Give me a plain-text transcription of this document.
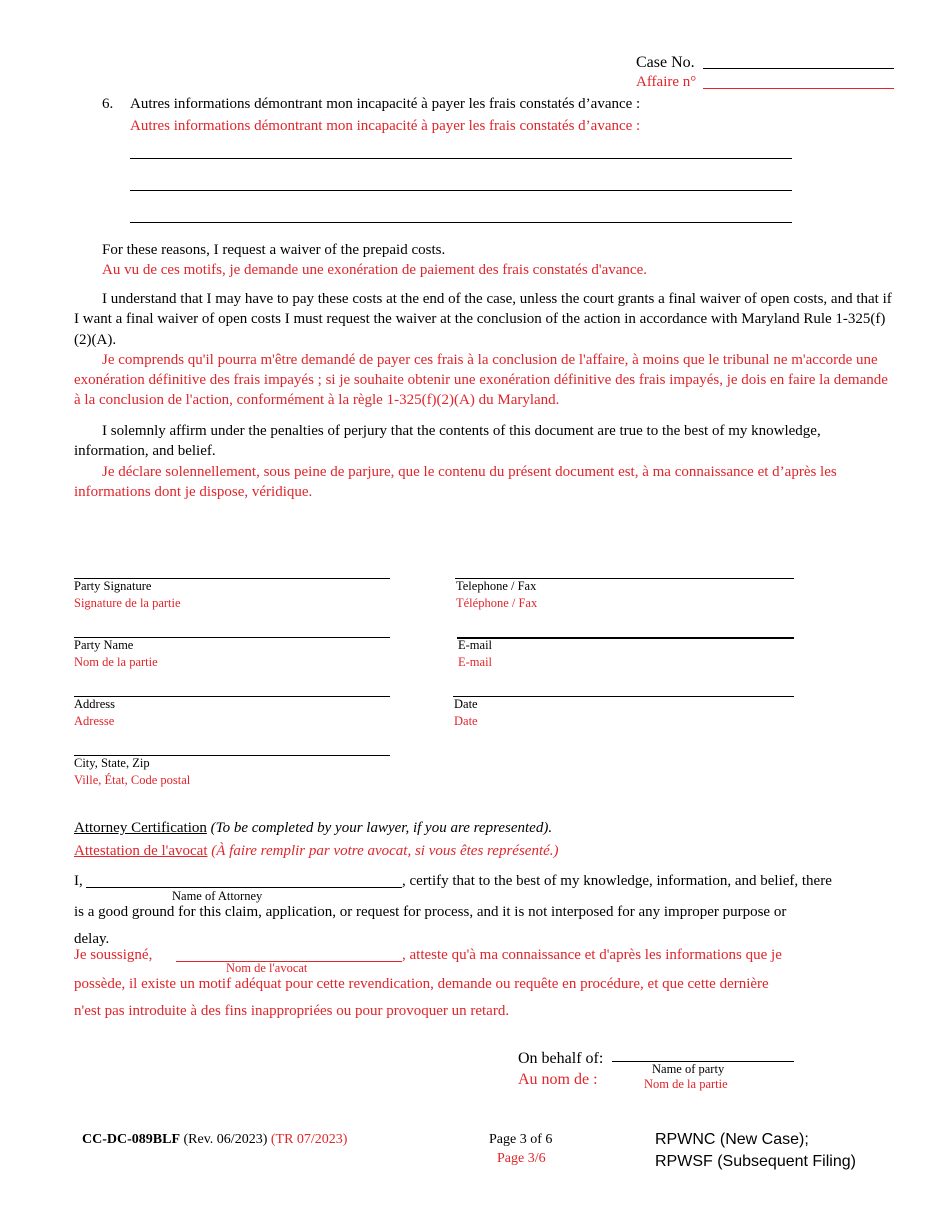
Case No.
Affaire n°
6. Autres informations démontrant mon incapacité à payer les frais constatés d’avance :
Autres informations démontrant mon incapacité à payer les frais constatés d’avance :

For these reasons, I request a waiver of the prepaid costs.

Au vu de ces motifs, je demande une exonération de paiement des frais constatés d'avance.

I understand that I may have to pay these costs at the end of the case, unless the court grants a final waiver of open costs, and that if I want a final waiver of open costs I must request the waiver at the conclusion of the action in accordance with Maryland Rule 1-325(f)(2)(A).

Je comprends qu'il pourra m'être demandé de payer ces frais à la conclusion de l'affaire, à moins que le tribunal ne m'accorde une exonération définitive des frais impayés ; si je souhaite obtenir une exonération définitive des frais impayés, je dois en faire la demande à la conclusion de l'action, conformément à la règle 1-325(f)(2)(A) du Maryland.

I solemnly affirm under the penalties of perjury that the contents of this document are true to the best of my knowledge, information, and belief.

Je déclare solennellement, sous peine de parjure, que le contenu du présent document est, à ma connaissance et d’après les informations dont je dispose, véridique.

Party Signature
Signature de la partie
Party Name
Nom de la partie
Address
Adresse
City, State, Zip
Ville, État, Code postal
Telephone / Fax
Téléphone / Fax
E-mail
E-mail
Date
Date
Attorney Certification (To be completed by your lawyer, if you are represented).
Attestation de l'avocat (À faire remplir par votre avocat, si vous êtes représenté.)
I,
Name of Attorney
, certify that to the best of my knowledge, information, and belief, there
is a good ground for this claim, application, or request for process, and it is not interposed for any improper purpose or
delay.
Je soussigné,
Nom de l'avocat
, atteste qu'à ma connaissance et d'après les informations que je
possède, il existe un motif adéquat pour cette revendication, demande ou requête en procédure, et que cette dernière
n'est pas introduite à des fins inappropriées ou pour provoquer un retard.
On behalf of:
Name of party
Au nom de :	Nom de la partie
CC-DC-089BLF (Rev. 06/2023) (TR 07/2023)	Page 3 of 6
Page 3/6
RPWNC (New Case);
RPWSF (Subsequent Filing)
